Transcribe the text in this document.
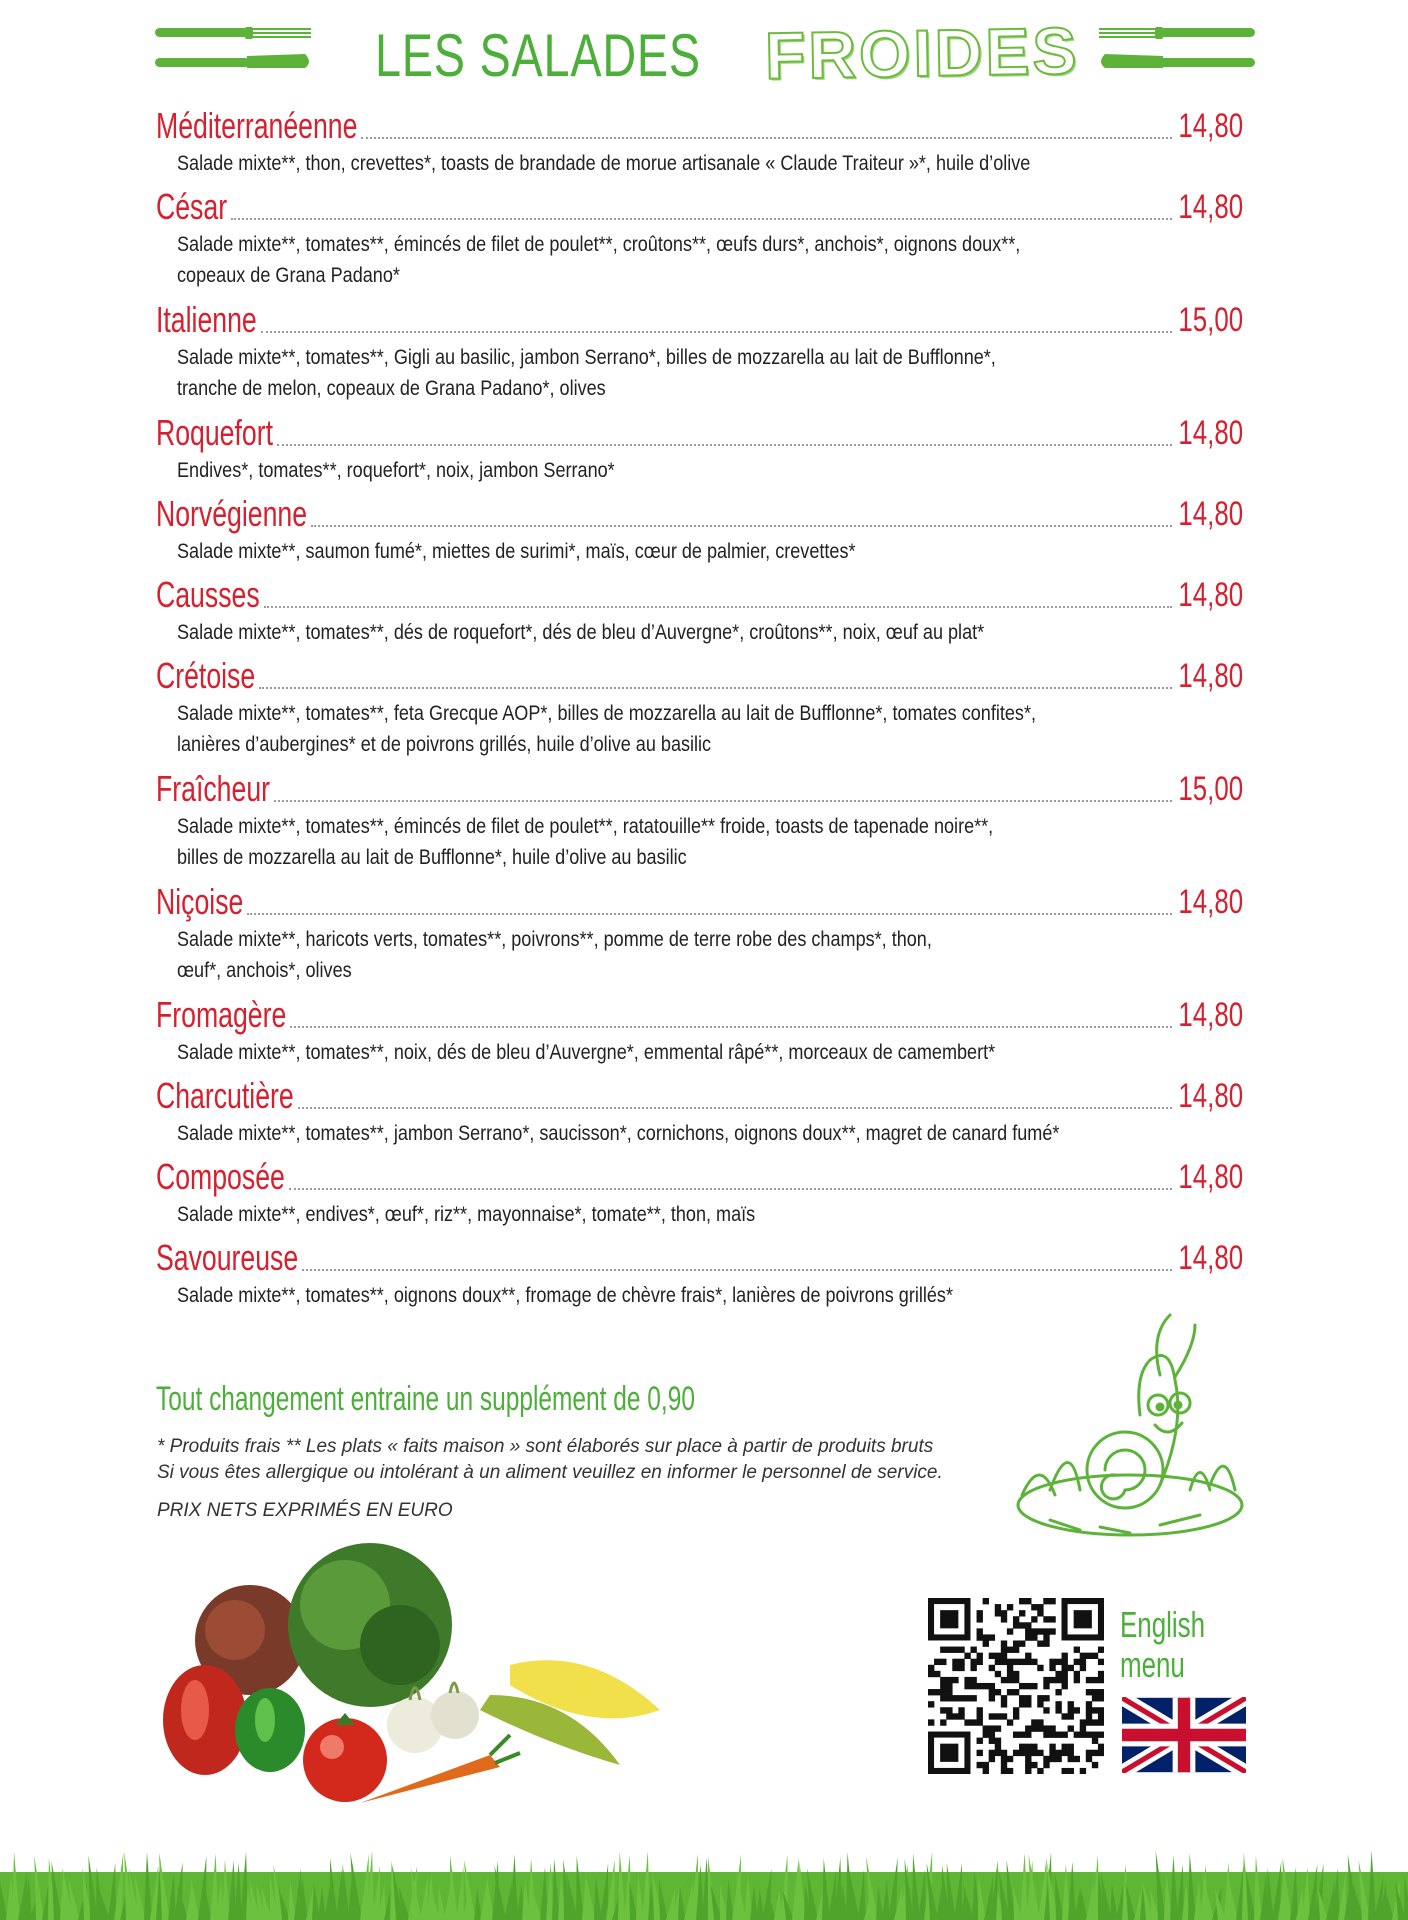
LES SALADES FROIDES
Méditerranéenne	14,80
Salade mixte**, thon, crevettes*, toasts de brandade de morue artisanale « Claude Traiteur »*, huile d’olive
César	14,80
Salade mixte**, tomates**, émincés de filet de poulet**, croûtons**, œufs durs*, anchois*, oignons doux**,
copeaux de Grana Padano*
Italienne	15,00
Salade mixte**, tomates**, Gigli au basilic, jambon Serrano*, billes de mozzarella au lait de Bufflonne*,
tranche de melon, copeaux de Grana Padano*, olives
Roquefort	14,80
Endives*, tomates**, roquefort*, noix, jambon Serrano*
Norvégienne	14,80
Salade mixte**, saumon fumé*, miettes de surimi*, maïs, cœur de palmier, crevettes*
Causses	14,80
Salade mixte**, tomates**, dés de roquefort*, dés de bleu d’Auvergne*, croûtons**, noix, œuf au plat*
Crétoise	14,80
Salade mixte**, tomates**, feta Grecque AOP*, billes de mozzarella au lait de Bufflonne*, tomates confites*,
lanières d’aubergines* et de poivrons grillés, huile d’olive au basilic
Fraîcheur	15,00
Salade mixte**, tomates**, émincés de filet de poulet**, ratatouille** froide, toasts de tapenade noire**,
billes de mozzarella au lait de Bufflonne*, huile d’olive au basilic
Niçoise	14,80
Salade mixte**, haricots verts, tomates**, poivrons**, pomme de terre robe des champs*, thon,
œuf*, anchois*, olives
Fromagère	14,80
Salade mixte**, tomates**, noix, dés de bleu d’Auvergne*, emmental râpé**, morceaux de camembert*
Charcutière	14,80
Salade mixte**, tomates**, jambon Serrano*, saucisson*, cornichons, oignons doux**, magret de canard fumé*
Composée	14,80
Salade mixte**, endives*, œuf*, riz**, mayonnaise*, tomate**, thon, maïs
Savoureuse	14,80
Salade mixte**, tomates**, oignons doux**, fromage de chèvre frais*, lanières de poivrons grillés*
Tout changement entraine un supplément de 0,90

* Produits frais ** Les plats « faits maison » sont élaborés sur place à partir de produits bruts

Si vous êtes allergique ou intolérant à un aliment veuillez en informer le personnel de service.

PRIX NETS EXPRIMÉS EN EURO

English
menu
